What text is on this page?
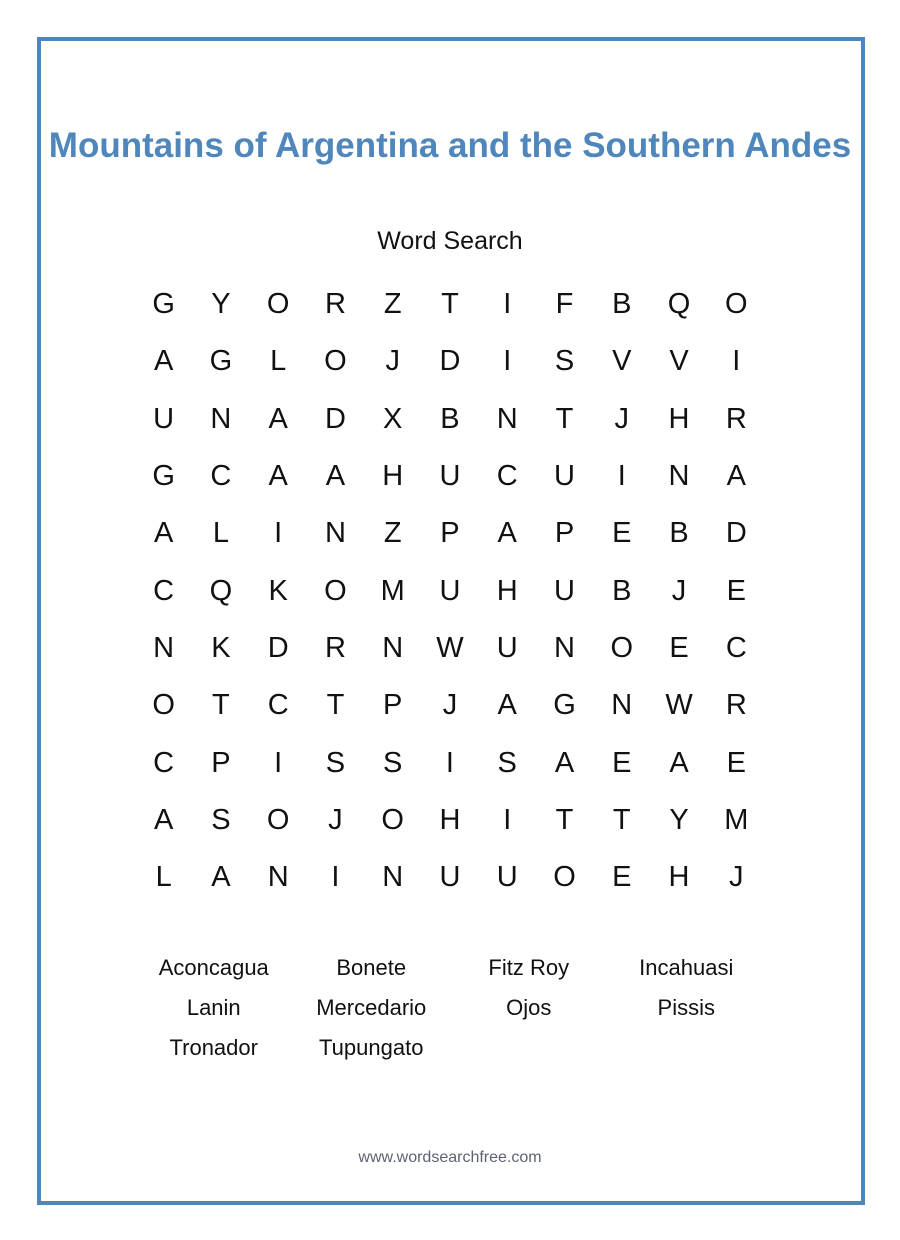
Mountains of Argentina and the Southern Andes

Word Search

G	Y	O	R	Z	T	I	F	B	Q	O
A	G	L	O	J	D	I	S	V	V	I
U	N	A	D	X	B	N	T	J	H	R
G	C	A	A	H	U	C	U	I	N	A
A	L	I	N	Z	P	A	P	E	B	D
C	Q	K	O	M	U	H	U	B	J	E
N	K	D	R	N	W	U	N	O	E	C
O	T	C	T	P	J	A	G	N	W	R
C	P	I	S	S	I	S	A	E	A	E
A	S	O	J	O	H	I	T	T	Y	M
L	A	N	I	N	U	U	O	E	H	J
Aconcagua	Bonete	Fitz Roy	Incahuasi
Lanin	Mercedario	Ojos	Pissis
Tronador	Tupungato

www.wordsearchfree.com
